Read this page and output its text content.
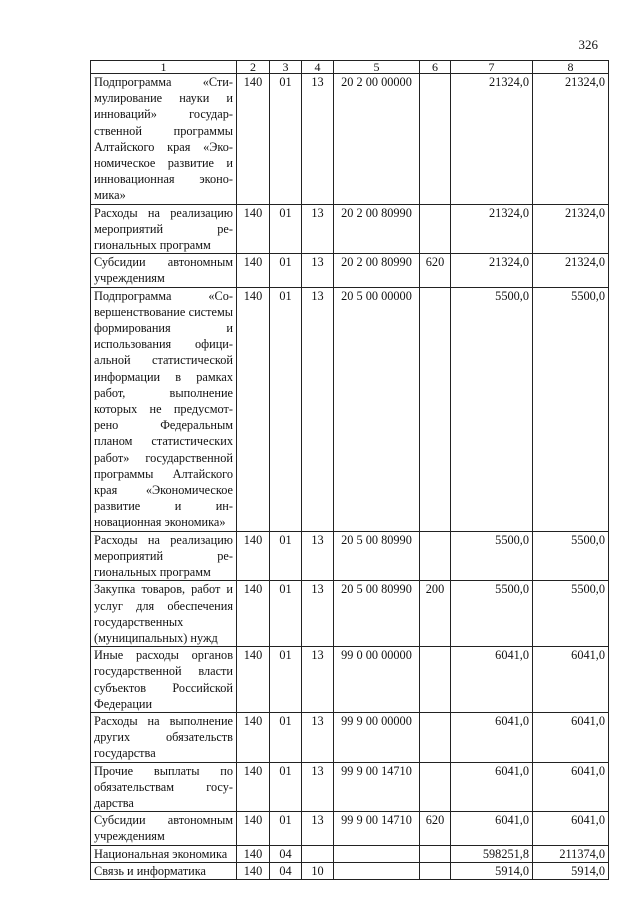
326
1	2	3	4	5	6	7	8
Подпрограмма «Стимулирование науки и инноваций» государственной программы Алтайского края «Экономическое развитие и инновационная экономика»	140	01	13	20 2 00 00000		21324,0	21324,0
Расходы на реализацию мероприятий региональных программ	140	01	13	20 2 00 80990		21324,0	21324,0
Субсидии автономным учреждениям	140	01	13	20 2 00 80990	620	21324,0	21324,0
Подпрограмма «Совершенствование системы формирования и использования официальной статистической информации в рамках работ, выполнение которых не предусмотрено Федеральным планом статистических работ» государственной программы Алтайского края «Экономическое развитие и инновационная экономика»	140	01	13	20 5 00 00000		5500,0	5500,0
Расходы на реализацию мероприятий региональных программ	140	01	13	20 5 00 80990		5500,0	5500,0
Закупка товаров, работ и услуг для обеспечения государственных (муниципальных) нужд	140	01	13	20 5 00 80990	200	5500,0	5500,0
Иные расходы органов государственной власти субъектов Российской Федерации	140	01	13	99 0 00 00000		6041,0	6041,0
Расходы на выполнение других обязательств государства	140	01	13	99 9 00 00000		6041,0	6041,0
Прочие выплаты по обязательствам государства	140	01	13	99 9 00 14710		6041,0	6041,0
Субсидии автономным учреждениям	140	01	13	99 9 00 14710	620	6041,0	6041,0
Национальная экономика	140	04				598251,8	211374,0
Связь и информатика	140	04	10			5914,0	5914,0
